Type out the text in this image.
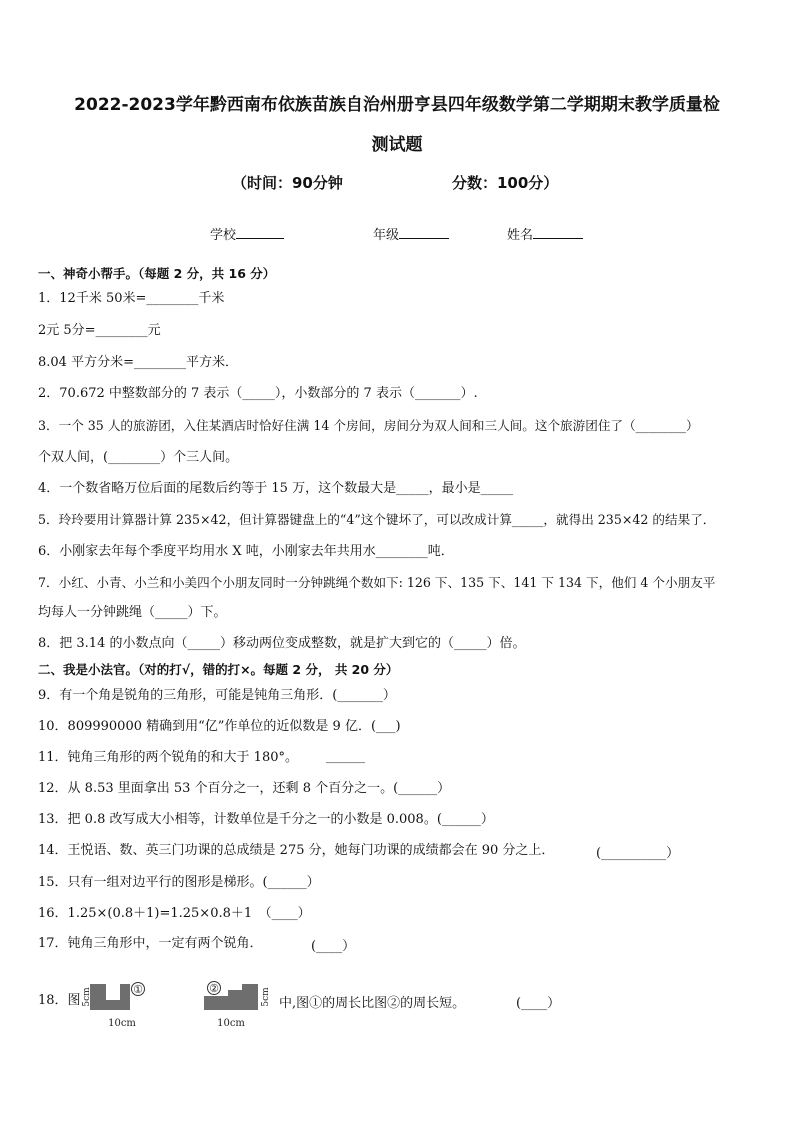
2022-2023学年黔西南布依族苗族自治州册亨县四年级数学第二学期期末教学质量检
测试题
（时间：90分钟	分数：100分）
学校	年级	姓名
一、神奇小帮手。（每题 2 分，共 16 分）
1．12千米 50米=________千米
2元 5分=________元
8.04 平方分米=________平方米．
2．70.672 中整数部分的 7 表示（_____），小数部分的 7 表示（_______）.
3．一个 35 人的旅游团，入住某酒店时恰好住满 14 个房间，房间分为双人间和三人间。这个旅游团住了（________）
个双人间，(________）个三人间。
4．一个数省略万位后面的尾数后约等于 15 万，这个数最大是_____，最小是_____
5．玲玲要用计算器计算 235×42，但计算器键盘上的“4”这个键坏了，可以改成计算_____，就得出 235×42 的结果了．
6．小刚家去年每个季度平均用水 X 吨，小刚家去年共用水________吨．
7．小红、小青、小兰和小美四个小朋友同时一分钟跳绳个数如下: 126 下、135 下、141 下 134 下，他们 4 个小朋友平
均每人一分钟跳绳（_____）下。
8．把 3.14 的小数点向（_____）移动两位变成整数，就是扩大到它的（_____）倍。
二、我是小法官。（对的打√，错的打×。每题 2 分， 共 20 分）
9．有一个角是锐角的三角形，可能是钝角三角形．(_______）
10．809990000 精确到用“亿”作单位的近似数是 9 亿．(___)
11．钝角三角形的两个锐角的和大于 180°。 ______
12．从 8.53 里面拿出 53 个百分之一，还剩 8 个百分之一。(______）
13．把 0.8 改写成大小相等，计数单位是千分之一的小数是 0.008。(______）
14．王悦语、数、英三门功课的总成绩是 275 分，她每门功课的成绩都会在 90 分之上．	(__________）
15．只有一组对边平行的图形是梯形。(______）
16．1.25×(0.8＋1)=1.25×0.8＋1　（____）
17．钝角三角形中，一定有两个锐角．	(____）
18．图
①
5cm
10cm
②	5cm
10cm
中,图①的周长比图②的周长短。	(____）
